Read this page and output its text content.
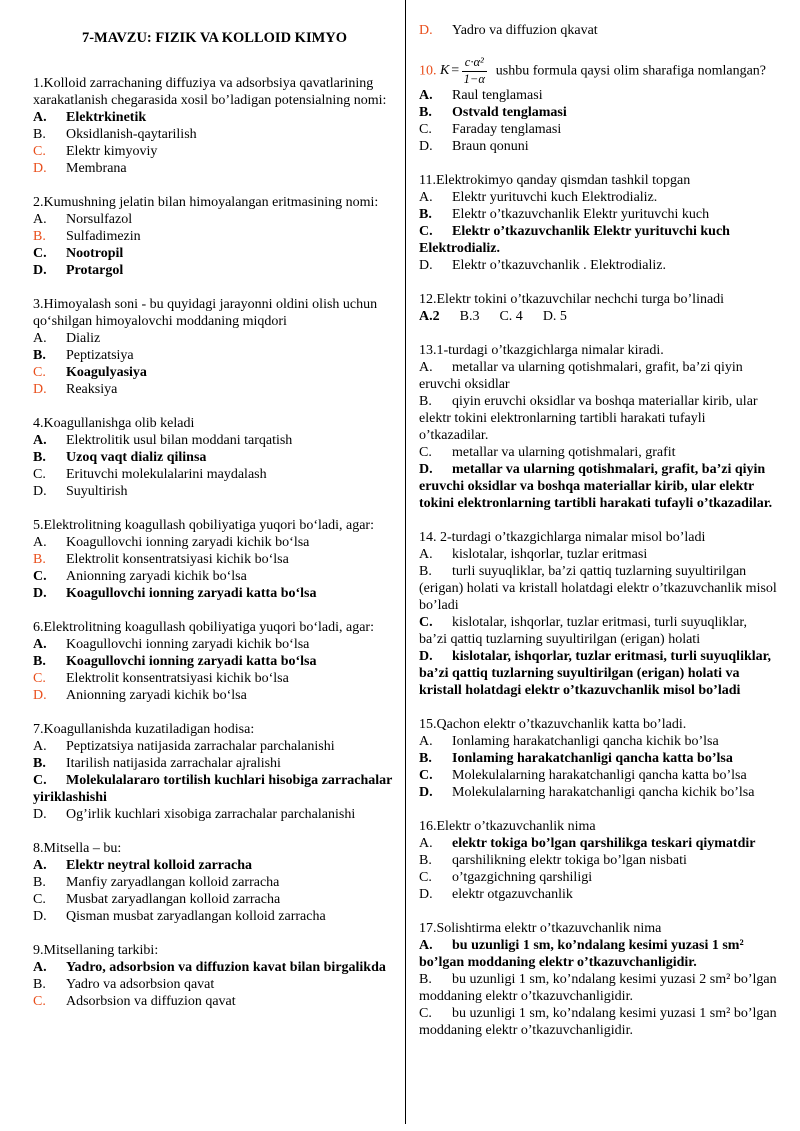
7-MAVZU: FIZIK VA KOLLOID KIMYO
1.Kolloid zarrachaning diffuziya va adsorbsiya qavatlarining xarakatlanish chegarasida xosil bo’ladigan potensialning nomi:
A. Elektrkinetik
B. Oksidlanish-qaytarilish
C. Elektr kimyoviy
D. Membrana
2.Kumushning jelatin bilan himoyalangan eritmasining nomi:
A. Norsulfazol
B. Sulfadimezin
C. Nootropil
D. Protargol
3.Himoyalash soni - bu quyidagi jarayonni oldini olish uchun qo‘shilgan himoyalovchi moddaning miqdori
A. Dializ
B. Peptizatsiya
C. Koagulyasiya
D. Reaksiya
4.Koagullanishga olib keladi
A. Elektrolitik usul bilan moddani tarqatish
B. Uzoq vaqt dializ qilinsa
C. Erituvchi molekulalarini maydalash
D. Suyultirish
5.Elektrolitning koagullash qobiliyatiga yuqori bo‘ladi, agar:
A. Koagullovchi ionning zaryadi kichik bo‘lsa
B. Elektrolit konsentratsiyasi kichik bo‘lsa
C. Anionning zaryadi kichik bo‘lsa
D. Koagullovchi ionning zaryadi katta bo‘lsa
6.Elektrolitning koagullash qobiliyatiga yuqori bo‘ladi, agar:
A. Koagullovchi ionning zaryadi kichik bo‘lsa
B. Koagullovchi ionning zaryadi katta bo‘lsa
C. Elektrolit konsentratsiyasi kichik bo‘lsa
D. Anionning zaryadi kichik bo‘lsa
7.Koagullanishda kuzatiladigan hodisa:
A. Peptizatsiya natijasida zarrachalar parchalanishi
B. Itarilish natijasida zarrachalar ajralishi
C. Molekulalararo tortilish kuchlari hisobiga zarrachalar yiriklashishi
D. Og’irlik kuchlari xisobiga zarrachalar parchalanishi
8.Mitsella – bu:
A. Elektr neytral kolloid zarracha
B. Manfiy zaryadlangan kolloid zarracha
C. Musbat zaryadlangan kolloid zarracha
D. Qisman musbat zaryadlangan kolloid zarracha
9.Mitsellaning tarkibi:
A. Yadro, adsorbsion va diffuzion kavat bilan birgalikda
B. Yadro va adsorbsion qavat
C. Adsorbsion va diffuzion qavat
D. Yadro va diffuzion qkavat
10. $K= \frac{\text{c·α²}}{1-\alpha}$
  ushbu formula qaysi olim sharafiga nomlangan?
A. Raul tenglamasi
B. Ostvald tenglamasi
C. Faraday tenglamasi
D. Braun qonuni
11.Elektrokimyo qanday qismdan tashkil topgan
A. Elektr yurituvchi kuch Elektrodializ.
B. Elektr o’tkazuvchanlik Elektr yurituvchi kuch
C. Elektr o’tkazuvchanlik Elektr yurituvchi kuch Elektrodializ.
D. Elektr o’tkazuvchanlik . Elektrodializ.
12.Elektr tokini o’tkazuvchilar nechchi turga bo’linadi
A.2 B.3 C. 4 D. 5
13.1-turdagi o’tkazgichlarga nimalar kiradi.
A. metallar va ularning qotishmalari, grafit, ba’zi qiyin eruvchi oksidlar
B. qiyin eruvchi oksidlar va boshqa materiallar kirib, ular elektr tokini elektronlarning tartibli harakati tufayli o’tkazadilar.
C. metallar va ularning qotishmalari, grafit
D. metallar va ularning qotishmalari, grafit, ba’zi qiyin eruvchi oksidlar va boshqa materiallar kirib, ular elektr tokini elektronlarning tartibli harakati tufayli o’tkazadilar.
14. 2-turdagi o’tkazgichlarga nimalar misol bo’ladi
A. kislotalar, ishqorlar, tuzlar eritmasi
B. turli suyuqliklar, ba’zi qattiq tuzlarning suyultirilgan (erigan) holati va kristall holatdagi elektr o’tkazuvchanlik misol bo’ladi
C. kislotalar, ishqorlar, tuzlar eritmasi, turli suyuqliklar, ba’zi qattiq tuzlarning suyultirilgan (erigan) holati
D. kislotalar, ishqorlar, tuzlar eritmasi, turli suyuqliklar, ba’zi qattiq tuzlarning suyultirilgan (erigan) holati va kristall holatdagi elektr o’tkazuvchanlik misol bo’ladi
15.Qachon elektr o’tkazuvchanlik katta bo’ladi.
A. Ionlaming harakatchanligi qancha kichik bo’lsa
B. Ionlaming harakatchanligi qancha katta bo’lsa
C. Molekulalarning harakatchanligi qancha katta bo’lsa
D. Molekulalarning harakatchanligi qancha kichik bo’lsa
16.Elektr o’tkazuvchanlik nima
A. elektr tokiga bo’lgan qarshilikga teskari qiymatdir
B. qarshilikning elektr tokiga bo’lgan nisbati
C. o’tgazgichning qarshiligi
D. elektr otgazuvchanlik
17.Solishtirma elektr o’tkazuvchanlik nima
A. bu uzunligi 1 sm, ko’ndalang kesimi yuzasi 1 sm² bo’lgan moddaning elektr o’tkazuvchanligidir.
B. bu uzunligi 1 sm, ko’ndalang kesimi yuzasi 2 sm² bo’lgan moddaning elektr o’tkazuvchanligidir.
C. bu uzunligi 1 sm, ko’ndalang kesimi yuzasi 1 sm² bo’lgan moddaning elektr o’tkazuvchanligidir.
